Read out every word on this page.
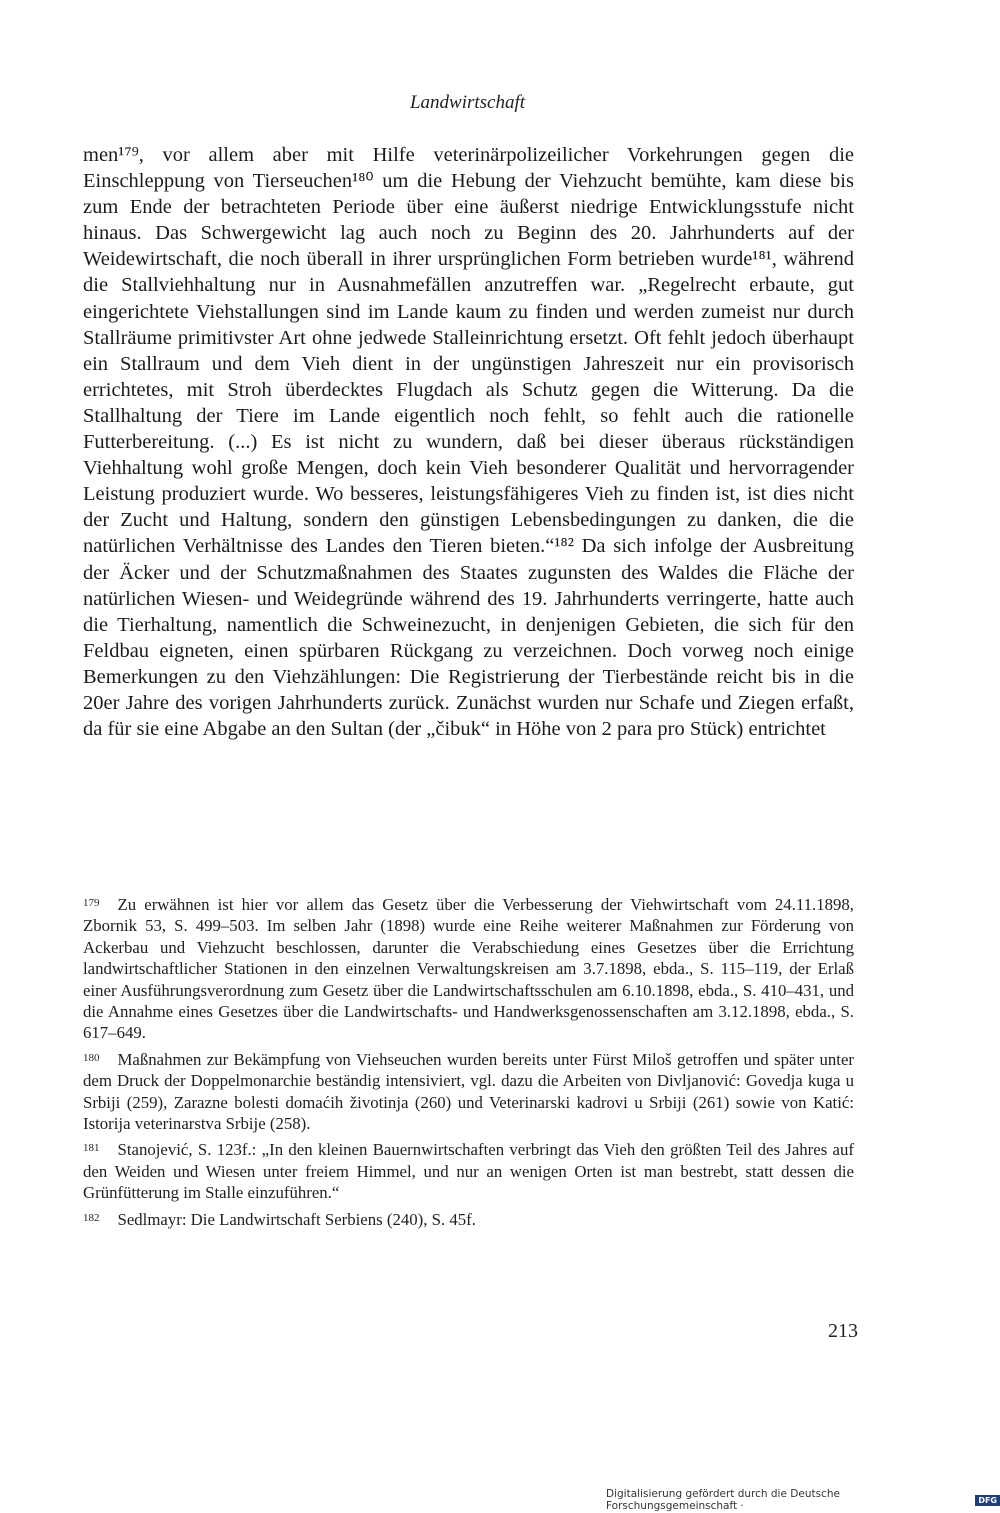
Landwirtschaft

men¹⁷⁹, vor allem aber mit Hilfe veterinärpolizeilicher Vorkehrungen gegen die Einschleppung von Tierseuchen¹⁸⁰ um die Hebung der Viehzucht bemühte, kam diese bis zum Ende der betrachteten Periode über eine äußerst niedrige Entwicklungsstufe nicht hinaus. Das Schwergewicht lag auch noch zu Beginn des 20. Jahrhunderts auf der Weidewirtschaft, die noch überall in ihrer ursprünglichen Form betrieben wurde¹⁸¹, während die Stallviehhaltung nur in Ausnahmefällen anzutreffen war. „Regelrecht erbaute, gut eingerichtete Viehstallungen sind im Lande kaum zu finden und werden zumeist nur durch Stallräume primitivster Art ohne jedwede Stalleinrichtung ersetzt. Oft fehlt jedoch überhaupt ein Stallraum und dem Vieh dient in der ungünstigen Jahreszeit nur ein provisorisch errichtetes, mit Stroh überdecktes Flugdach als Schutz gegen die Witterung. Da die Stallhaltung der Tiere im Lande eigentlich noch fehlt, so fehlt auch die rationelle Futterbereitung. (...) Es ist nicht zu wundern, daß bei dieser überaus rückständigen Viehhaltung wohl große Mengen, doch kein Vieh besonderer Qualität und hervorragender Leistung produziert wurde. Wo besseres, leistungsfähigeres Vieh zu finden ist, ist dies nicht der Zucht und Haltung, sondern den günstigen Lebensbedingungen zu danken, die die natürlichen Verhältnisse des Landes den Tieren bieten.“¹⁸² Da sich infolge der Ausbreitung der Äcker und der Schutzmaßnahmen des Staates zugunsten des Waldes die Fläche der natürlichen Wiesen- und Weidegründe während des 19. Jahrhunderts verringerte, hatte auch die Tierhaltung, namentlich die Schweinezucht, in denjenigen Gebieten, die sich für den Feldbau eigneten, einen spürbaren Rückgang zu verzeichnen. Doch vorweg noch einige Bemerkungen zu den Viehzählungen: Die Registrierung der Tierbestände reicht bis in die 20er Jahre des vorigen Jahrhunderts zurück. Zunächst wurden nur Schafe und Ziegen erfaßt, da für sie eine Abgabe an den Sultan (der „čibuk“ in Höhe von 2 para pro Stück) entrichtet

$^{179}$ Zu erwähnen ist hier vor allem das Gesetz über die Verbesserung der Viehwirtschaft vom 24.11.1898, Zbornik 53, S. 499–503. Im selben Jahr (1898) wurde eine Reihe weiterer Maßnahmen zur Förderung von Ackerbau und Viehzucht beschlossen, darunter die Verabschiedung eines Gesetzes über die Errichtung landwirtschaftlicher Stationen in den einzelnen Verwaltungskreisen am 3.7.1898, ebda., S. 115–119, der Erlaß einer Ausführungsverordnung zum Gesetz über die Landwirtschaftsschulen am 6.10.1898, ebda., S. 410–431, und die Annahme eines Gesetzes über die Landwirtschafts- und Handwerksgenossenschaften am 3.12.1898, ebda., S. 617–649.

$^{180}$ Maßnahmen zur Bekämpfung von Viehseuchen wurden bereits unter Fürst Miloš getroffen und später unter dem Druck der Doppelmonarchie beständig intensiviert, vgl. dazu die Arbeiten von Divljanović: Govedja kuga u Srbiji (259), Zarazne bolesti domaćih životinja (260) und Veterinarski kadrovi u Srbiji (261) sowie von Katić: Istorija veterinarstva Srbije (258).

$^{181}$ Stanojević, S. 123f.: „In den kleinen Bauernwirtschaften verbringt das Vieh den größten Teil des Jahres auf den Weiden und Wiesen unter freiem Himmel, und nur an wenigen Orten ist man bestrebt, statt dessen die Grünfütterung im Stalle einzuführen.“

$^{182}$ Sedlmayr: Die Landwirtschaft Serbiens (240), S. 45f.

213
Digitalisierung gefördert durch die Deutsche Forschungsgemeinschaft ·	DFG
